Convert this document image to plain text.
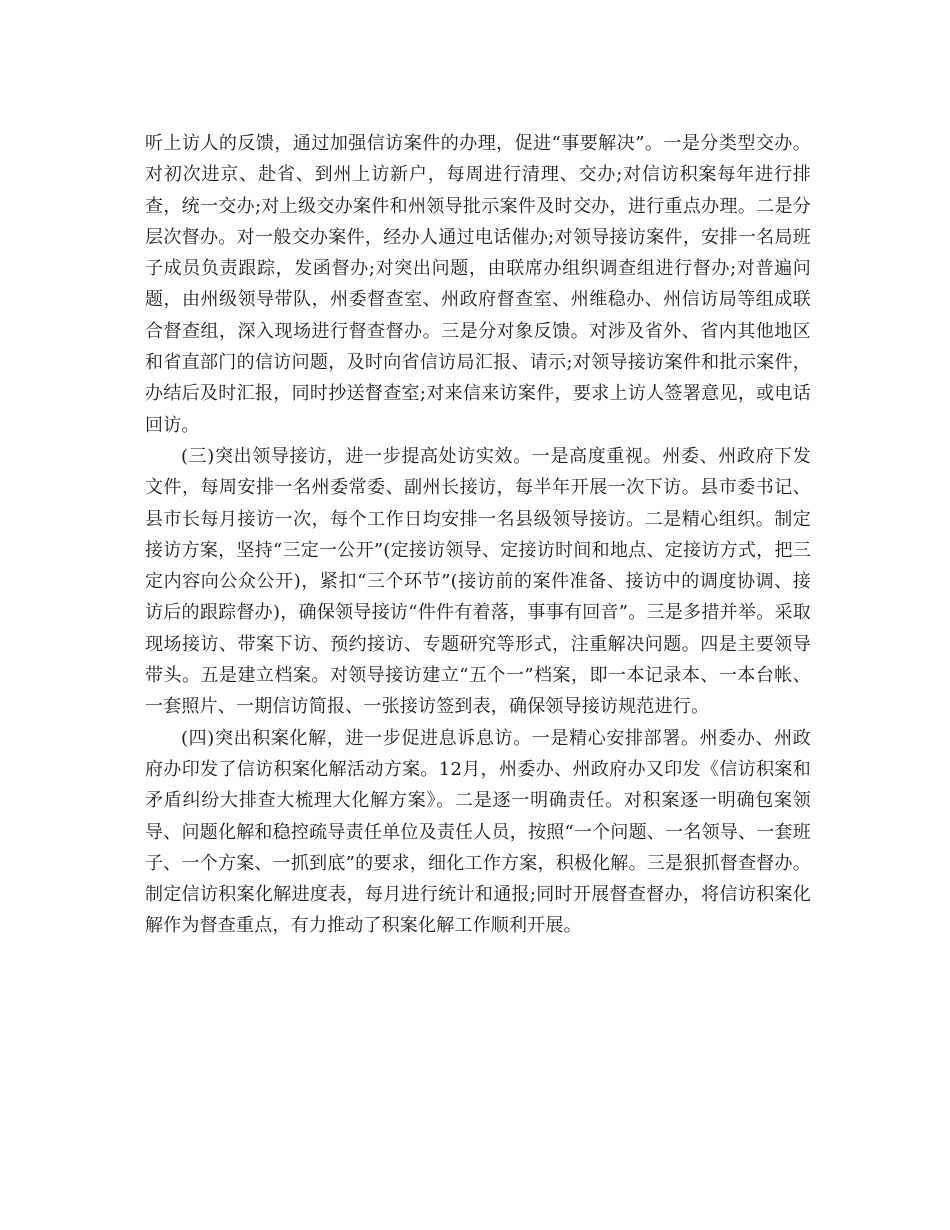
听上访人的反馈，通过加强信访案件的办理，促进“事要解决”。一是分类型交办。对初次进京、赴省、到州上访新户，每周进行清理、交办;对信访积案每年进行排查，统一交办;对上级交办案件和州领导批示案件及时交办，进行重点办理。二是分层次督办。对一般交办案件，经办人通过电话催办;对领导接访案件，安排一名局班子成员负责跟踪，发函督办;对突出问题，由联席办组织调查组进行督办;对普遍问题，由州级领导带队，州委督查室、州政府督查室、州维稳办、州信访局等组成联合督查组，深入现场进行督查督办。三是分对象反馈。对涉及省外、省内其他地区和省直部门的信访问题，及时向省信访局汇报、请示;对领导接访案件和批示案件，办结后及时汇报，同时抄送督查室;对来信来访案件，要求上访人签署意见，或电话回访。

(三)突出领导接访，进一步提高处访实效。一是高度重视。州委、州政府下发文件，每周安排一名州委常委、副州长接访，每半年开展一次下访。县市委书记、县市长每月接访一次，每个工作日均安排一名县级领导接访。二是精心组织。制定接访方案，坚持“三定一公开”(定接访领导、定接访时间和地点、定接访方式，把三定内容向公众公开)，紧扣“三个环节”(接访前的案件准备、接访中的调度协调、接访后的跟踪督办)，确保领导接访“件件有着落，事事有回音”。三是多措并举。采取现场接访、带案下访、预约接访、专题研究等形式，注重解决问题。四是主要领导带头。五是建立档案。对领导接访建立“五个一”档案，即一本记录本、一本台帐、一套照片、一期信访简报、一张接访签到表，确保领导接访规范进行。

(四)突出积案化解，进一步促进息诉息访。一是精心安排部署。州委办、州政府办印发了信访积案化解活动方案。12月，州委办、州政府办又印发《信访积案和矛盾纠纷大排查大梳理大化解方案》。二是逐一明确责任。对积案逐一明确包案领导、问题化解和稳控疏导责任单位及责任人员，按照“一个问题、一名领导、一套班子、一个方案、一抓到底”的要求，细化工作方案，积极化解。三是狠抓督查督办。制定信访积案化解进度表，每月进行统计和通报;同时开展督查督办，将信访积案化解作为督查重点，有力推动了积案化解工作顺利开展。
